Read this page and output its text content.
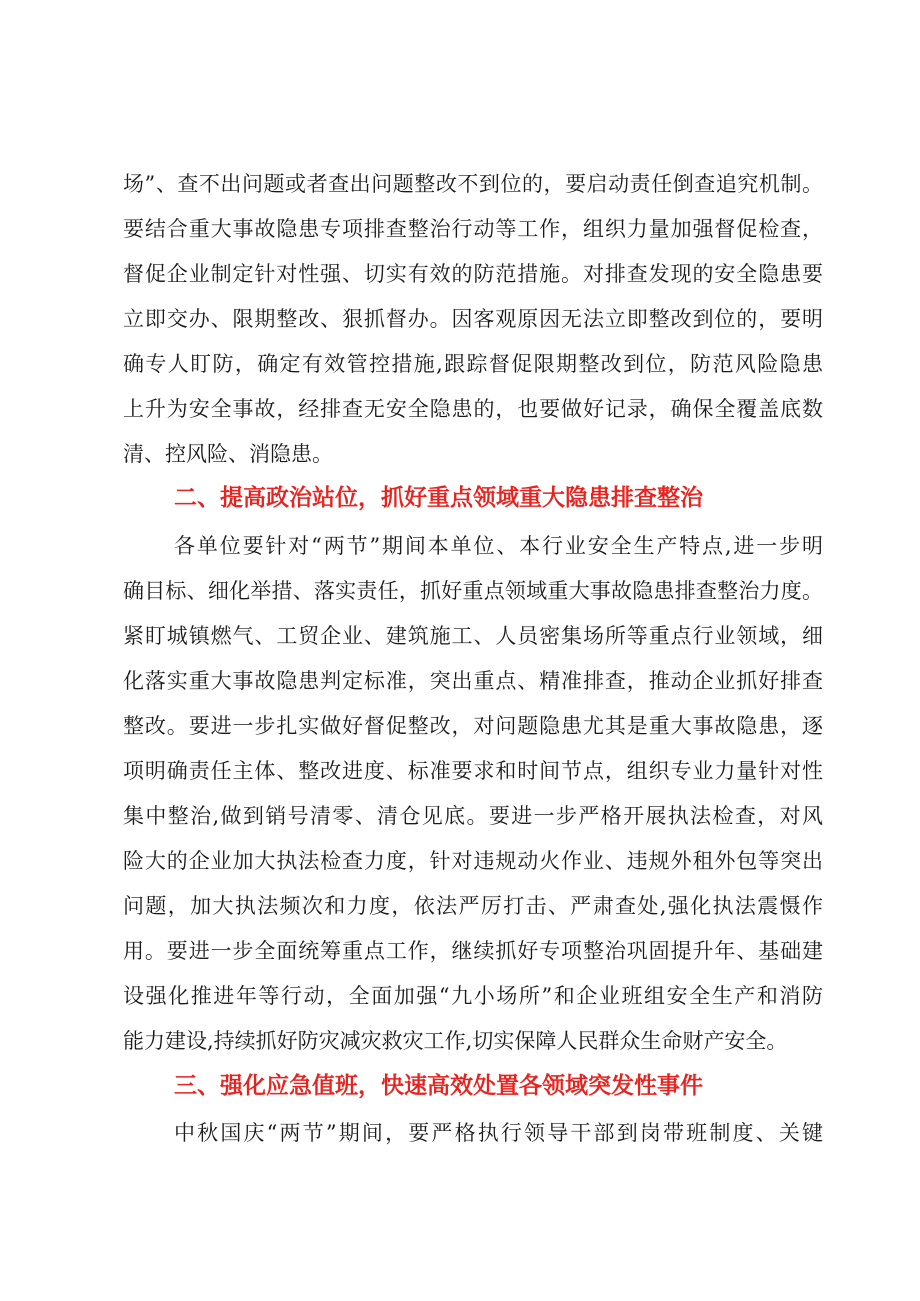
场”、查不出问题或者查出问题整改不到位的，要启动责任倒查追究机制。
要结合重大事故隐患专项排查整治行动等工作，组织力量加强督促检查，
督促企业制定针对性强、切实有效的防范措施。对排查发现的安全隐患要
立即交办、限期整改、狠抓督办。因客观原因无法立即整改到位的，要明
确专人盯防，确定有效管控措施,跟踪督促限期整改到位，防范风险隐患
上升为安全事故，经排查无安全隐患的，也要做好记录，确保全覆盖底数
清、控风险、消隐患。
二、提高政治站位，抓好重点领域重大隐患排查整治
各单位要针对“两节”期间本单位、本行业安全生产特点,进一步明
确目标、细化举措、落实责任，抓好重点领域重大事故隐患排查整治力度。
紧盯城镇燃气、工贸企业、建筑施工、人员密集场所等重点行业领域，细
化落实重大事故隐患判定标准，突出重点、精准排查，推动企业抓好排查
整改。要进一步扎实做好督促整改，对问题隐患尤其是重大事故隐患，逐
项明确责任主体、整改进度、标准要求和时间节点，组织专业力量针对性
集中整治,做到销号清零、清仓见底。要进一步严格开展执法检查，对风
险大的企业加大执法检查力度，针对违规动火作业、违规外租外包等突出
问题，加大执法频次和力度，依法严厉打击、严肃查处,强化执法震慑作
用。要进一步全面统筹重点工作，继续抓好专项整治巩固提升年、基础建
设强化推进年等行动，全面加强“九小场所”和企业班组安全生产和消防
能力建设,持续抓好防灾减灾救灾工作,切实保障人民群众生命财产安全。
三、强化应急值班，快速高效处置各领域突发性事件
中秋国庆“两节”期间，要严格执行领导干部到岗带班制度、关键
